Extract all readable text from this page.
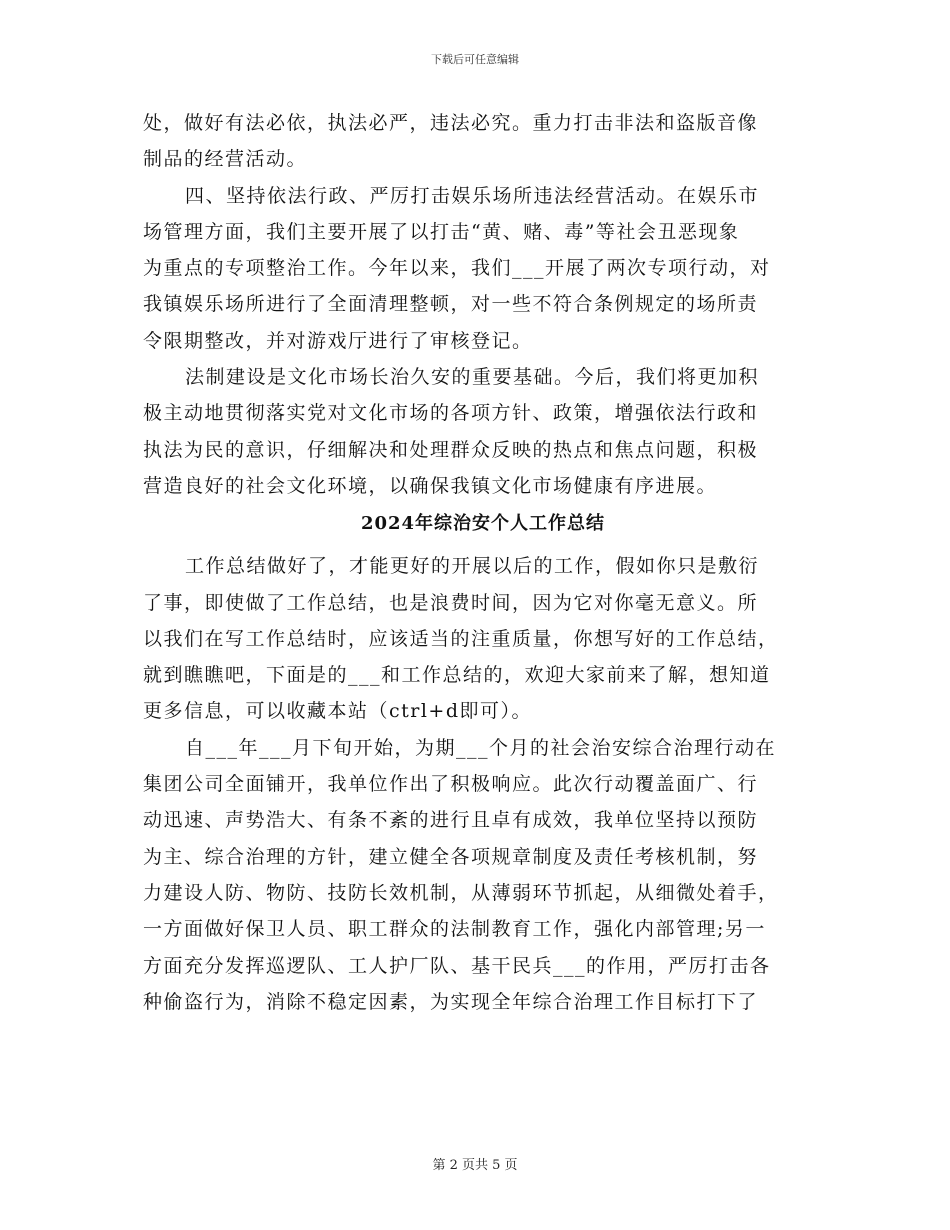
下载后可任意编辑
处，做好有法必依，执法必严，违法必究。重力打击非法和盗版音像
制品的经营活动。
四、坚持依法行政、严厉打击娱乐场所违法经营活动。在娱乐市
场管理方面，我们主要开展了以打击“黄、赌、毒”等社会丑恶现象
为重点的专项整治工作。今年以来，我们___开展了两次专项行动，对
我镇娱乐场所进行了全面清理整顿，对一些不符合条例规定的场所责
令限期整改，并对游戏厅进行了审核登记。
法制建设是文化市场长治久安的重要基础。今后，我们将更加积
极主动地贯彻落实党对文化市场的各项方针、政策，增强依法行政和
执法为民的意识，仔细解决和处理群众反映的热点和焦点问题，积极
营造良好的社会文化环境，以确保我镇文化市场健康有序进展。
2024年综治安个人工作总结
工作总结做好了，才能更好的开展以后的工作，假如你只是敷衍
了事，即使做了工作总结，也是浪费时间，因为它对你毫无意义。所
以我们在写工作总结时，应该适当的注重质量，你想写好的工作总结，
就到瞧瞧吧，下面是的___和工作总结的，欢迎大家前来了解，想知道
更多信息，可以收藏本站（ctrl+d即可）。
自___年___月下旬开始，为期___个月的社会治安综合治理行动在
集团公司全面铺开，我单位作出了积极响应。此次行动覆盖面广、行
动迅速、声势浩大、有条不紊的进行且卓有成效，我单位坚持以预防
为主、综合治理的方针，建立健全各项规章制度及责任考核机制，努
力建设人防、物防、技防长效机制，从薄弱环节抓起，从细微处着手，
一方面做好保卫人员、职工群众的法制教育工作，强化内部管理;另一
方面充分发挥巡逻队、工人护厂队、基干民兵___的作用，严厉打击各
种偷盗行为，消除不稳定因素，为实现全年综合治理工作目标打下了
第 2 页共 5 页
